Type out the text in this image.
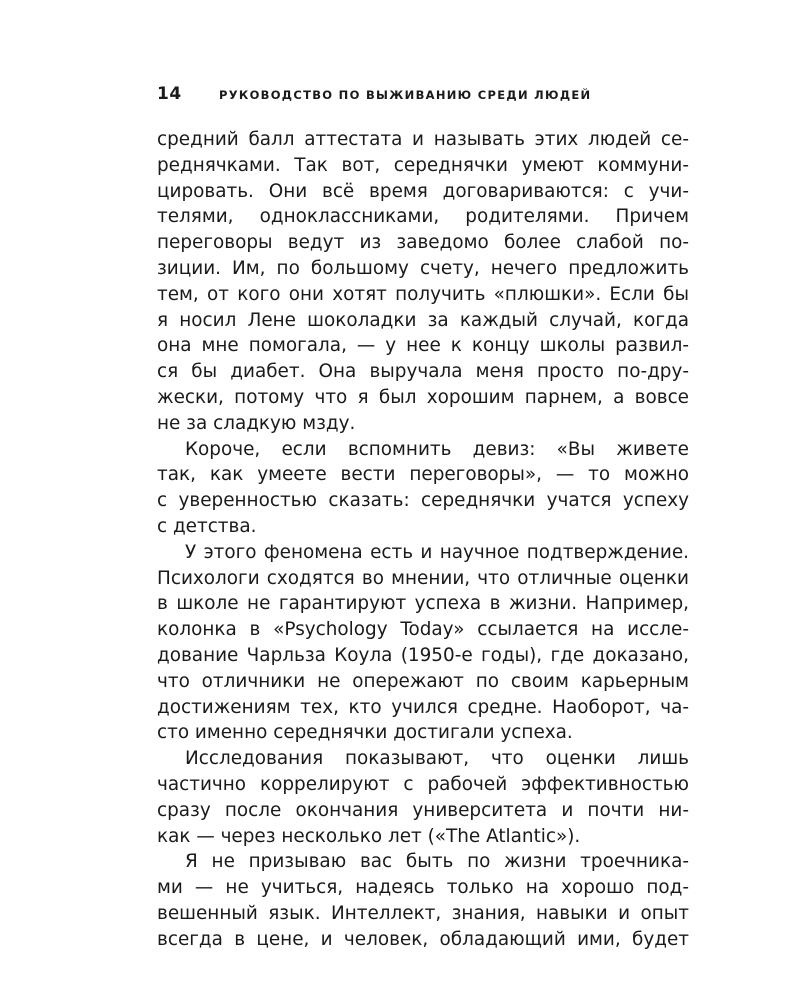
14	РУКОВОДСТВО ПО ВЫЖИВАНИЮ СРЕДИ ЛЮДЕЙ
средний балл аттестата и называть этих людей се-
реднячками. Так вот, середнячки умеют коммуни-
цировать. Они всё время договариваются: с учи-
телями, одноклассниками, родителями. Причем
переговоры ведут из заведомо более слабой по-
зиции. Им, по большому счету, нечего предложить
тем, от кого они хотят получить «плюшки». Если бы
я носил Лене шоколадки за каждый случай, когда
она мне помогала, — у нее к концу школы развил-
ся бы диабет. Она выручала меня просто по-дру-
жески, потому что я был хорошим парнем, а вовсе
не за сладкую мзду.
Короче, если вспомнить девиз: «Вы живете
так, как умеете вести переговоры», — то можно
с уверенностью сказать: середнячки учатся успеху
с детства.
У этого феномена есть и научное подтверждение.
Психологи сходятся во мнении, что отличные оценки
в школе не гарантируют успеха в жизни. Например,
колонка в «Psychology Today» ссылается на иссле-
дование Чарльза Коула (1950-е годы), где доказано,
что отличники не опережают по своим карьерным
достижениям тех, кто учился средне. Наоборот, ча-
сто именно середнячки достигали успеха.
Исследования показывают, что оценки лишь
частично коррелируют с рабочей эффективностью
сразу после окончания университета и почти ни-
как — через несколько лет («The Atlantic»).
Я не призываю вас быть по жизни троечника-
ми — не учиться, надеясь только на хорошо под-
вешенный язык. Интеллект, знания, навыки и опыт
всегда в цене, и человек, обладающий ими, будет
